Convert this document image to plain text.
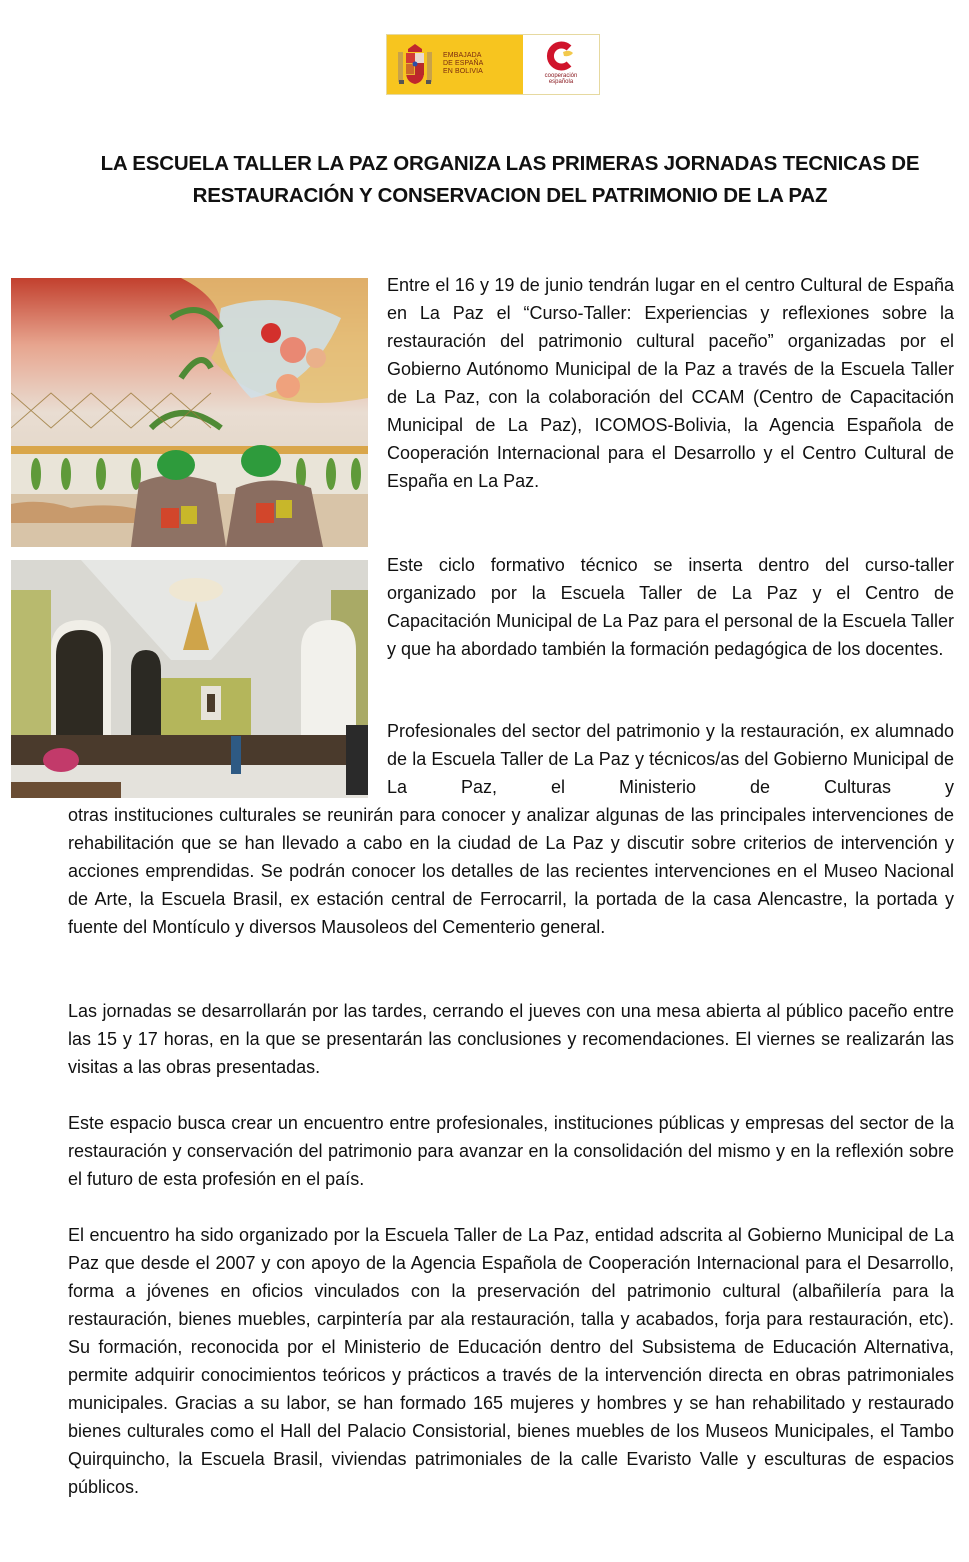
EMBAJADA
DE ESPAÑA
EN BOLIVIA
cooperación
española
LA ESCUELA TALLER LA PAZ ORGANIZA LAS PRIMERAS JORNADAS TECNICAS DE
RESTAURACIÓN Y CONSERVACION DEL PATRIMONIO DE LA PAZ

Entre el 16 y 19 de junio tendrán lugar en el centro Cultural de España en La Paz el “Curso-Taller: Experiencias y reflexiones sobre la restauración del patrimonio cultural paceño” organizadas por el Gobierno Autónomo Municipal de la Paz a través de la Escuela Taller de La Paz, con la colaboración del CCAM (Centro de Capacitación Municipal de La Paz), ICOMOS-Bolivia, la Agencia Española de Cooperación Internacional para el Desarrollo y el Centro Cultural de España en La Paz.

Este ciclo formativo técnico se inserta dentro del curso-taller organizado por la Escuela Taller de La Paz y el Centro de Capacitación Municipal de La Paz para el personal de la Escuela Taller y que ha abordado también la formación pedagógica de los docentes.

Profesionales del sector del patrimonio y la restauración, ex alumnado de la Escuela Taller de La Paz y técnicos/as del Gobierno Municipal de La Paz, el Ministerio de Culturas y

otras instituciones culturales se reunirán para conocer y analizar algunas de las principales intervenciones de rehabilitación que se han llevado a cabo en la ciudad de La Paz y discutir sobre criterios de intervención y acciones emprendidas. Se podrán conocer los detalles de las recientes intervenciones en el Museo Nacional de Arte, la Escuela Brasil, ex estación central de Ferrocarril, la portada de la casa Alencastre, la portada y fuente del Montículo y diversos Mausoleos del Cementerio general.

Las jornadas se desarrollarán por las tardes, cerrando el jueves con una mesa abierta al público paceño entre las 15 y 17 horas, en la que se presentarán las conclusiones y recomendaciones. El viernes se realizarán las visitas a las obras presentadas.

Este espacio busca crear un encuentro entre profesionales, instituciones públicas y empresas del sector de la restauración y conservación del patrimonio para avanzar en la consolidación del mismo y en la reflexión sobre el futuro de esta profesión en el país.

El encuentro ha sido organizado por la Escuela Taller de La Paz, entidad adscrita al Gobierno Municipal de La Paz que desde el 2007 y con apoyo de la Agencia Española de Cooperación Internacional para el Desarrollo, forma a jóvenes en oficios vinculados con la preservación del patrimonio cultural (albañilería para la restauración, bienes muebles, carpintería par ala restauración, talla y acabados, forja para restauración, etc). Su formación, reconocida por el Ministerio de Educación dentro del Subsistema de Educación Alternativa, permite adquirir conocimientos teóricos y prácticos a través de la intervención directa en obras patrimoniales municipales. Gracias a su labor, se han formado 165 mujeres y hombres y se han rehabilitado y restaurado bienes culturales como el Hall del Palacio Consistorial, bienes muebles de los Museos Municipales, el Tambo Quirquincho, la Escuela Brasil, viviendas patrimoniales de la calle Evaristo Valle y esculturas de espacios públicos.
